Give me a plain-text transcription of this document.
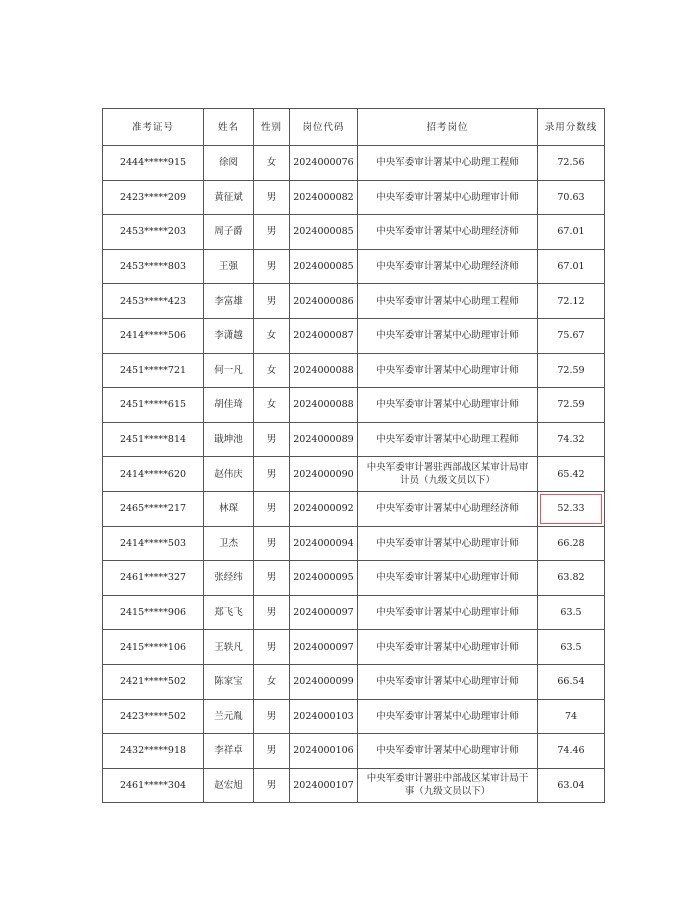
准考证号	姓名	性别	岗位代码	招考岗位	录用分数线
2444*****915	徐阅	女	2024000076	中央军委审计署某中心助理工程师	72.56
2423*****209	黄征斌	男	2024000082	中央军委审计署某中心助理审计师	70.63
2453*****203	周子爵	男	2024000085	中央军委审计署某中心助理经济师	67.01
2453*****803	王强	男	2024000085	中央军委审计署某中心助理经济师	67.01
2453*****423	李富雄	男	2024000086	中央军委审计署某中心助理工程师	72.12
2414*****506	李潇越	女	2024000087	中央军委审计署某中心助理审计师	75.67
2451*****721	何一凡	女	2024000088	中央军委审计署某中心助理审计师	72.59
2451*****615	胡佳琦	女	2024000088	中央军委审计署某中心助理审计师	72.59
2451*****814	戢坤池	男	2024000089	中央军委审计署某中心助理工程师	74.32
2414*****620	赵伟庆	男	2024000090	中央军委审计署驻西部战区某审计局审计员（九级文员以下）	65.42
2465*****217	林琛	男	2024000092	中央军委审计署某中心助理经济师	52.33
2414*****503	卫杰	男	2024000094	中央军委审计署某中心助理审计师	66.28
2461*****327	张经纬	男	2024000095	中央军委审计署某中心助理审计师	63.82
2415*****906	郑飞飞	男	2024000097	中央军委审计署某中心助理审计师	63.5
2415*****106	王轶凡	男	2024000097	中央军委审计署某中心助理审计师	63.5
2421*****502	陈家宝	女	2024000099	中央军委审计署某中心助理审计师	66.54
2423*****502	兰元胤	男	2024000103	中央军委审计署某中心助理审计师	74
2432*****918	李祥卓	男	2024000106	中央军委审计署某中心助理审计师	74.46
2461*****304	赵宏旭	男	2024000107	中央军委审计署驻中部战区某审计局干事（九级文员以下）	63.04
